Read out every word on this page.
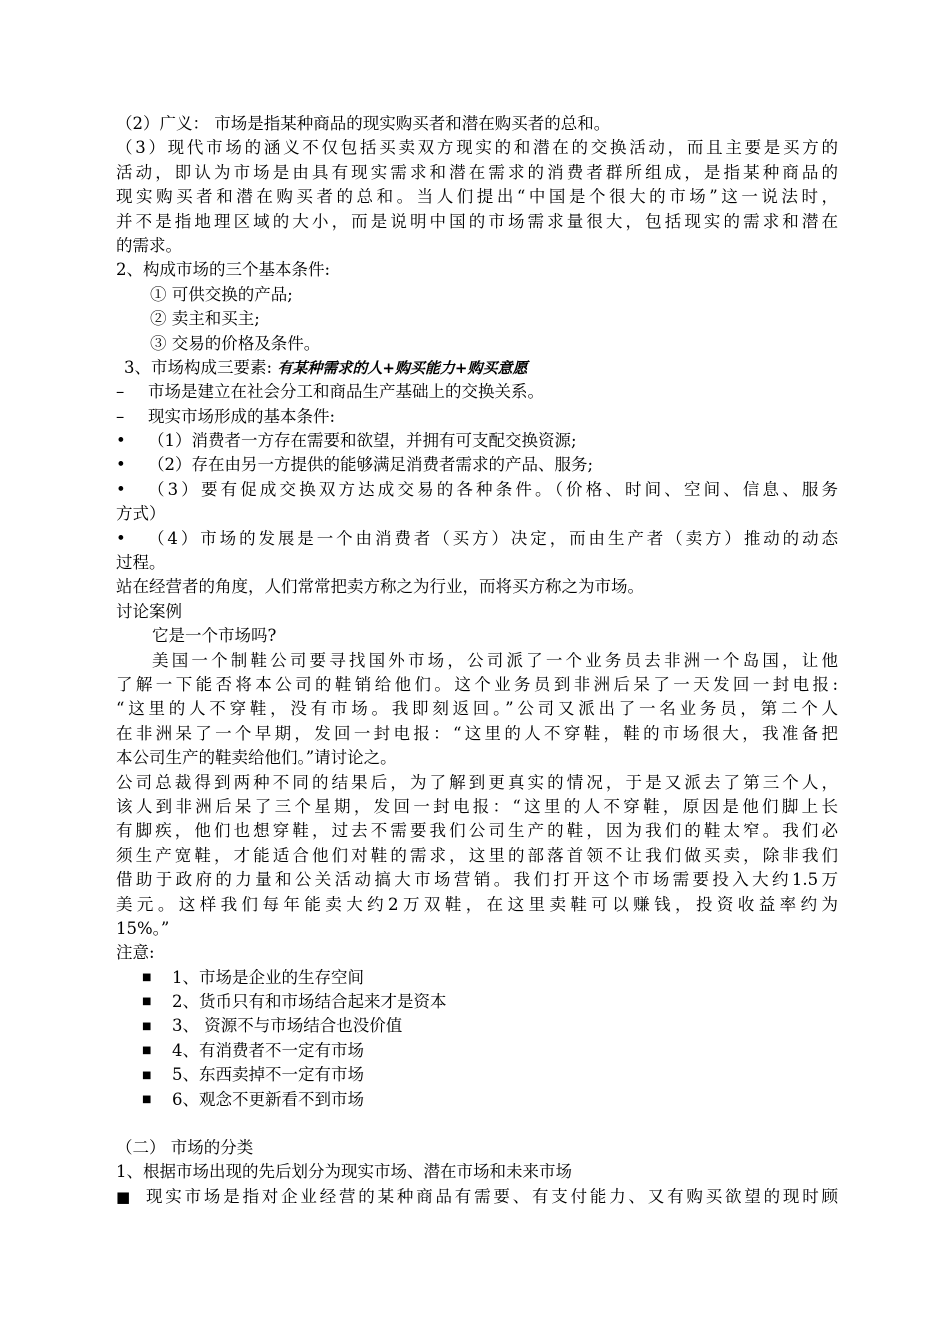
（2）广义： 市场是指某种商品的现实购买者和潜在购买者的总和。
（3）现代市场的涵义不仅包括买卖双方现实的和潜在的交换活动，而且主要是买方的
活动，即认为市场是由具有现实需求和潜在需求的消费者群所组成，是指某种商品的
现实购买者和潜在购买者的总和。当人们提出“中国是个很大的市场”这一说法时，
并不是指地理区域的大小，而是说明中国的市场需求量很大，包括现实的需求和潜在
的需求。
2、构成市场的三个基本条件:
① 可供交换的产品;
② 卖主和买主;
③ 交易的价格及条件。
3、市场构成三要素: 有某种需求的人+购买能力+购买意愿
– 市场是建立在社会分工和商品生产基础上的交换关系。
– 现实市场形成的基本条件:
• （1）消费者一方存在需要和欲望，并拥有可支配交换资源;
• （2）存在由另一方提供的能够满足消费者需求的产品、服务;
•	（3）要有促成交换双方达成交易的各种条件。（价格、时间、空间、信息、服务
方式）
•	（4）市场的发展是一个由消费者（买方）决定，而由生产者（卖方）推动的动态
过程。
站在经营者的角度，人们常常把卖方称之为行业，而将买方称之为市场。
讨论案例
它是一个市场吗?
美国一个制鞋公司要寻找国外市场，公司派了一个业务员去非洲一个岛国，让他
了解一下能否将本公司的鞋销给他们。这个业务员到非洲后呆了一天发回一封电报:
“这里的人不穿鞋，没有市场。我即刻返回。”公司又派出了一名业务员，第二个人
在非洲呆了一个早期，发回一封电报：“这里的人不穿鞋，鞋的市场很大，我准备把
本公司生产的鞋卖给他们。”请讨论之。
公司总裁得到两种不同的结果后，为了解到更真实的情况，于是又派去了第三个人，
该人到非洲后呆了三个星期，发回一封电报：“这里的人不穿鞋，原因是他们脚上长
有脚疾，他们也想穿鞋，过去不需要我们公司生产的鞋，因为我们的鞋太窄。我们必
须生产宽鞋，才能适合他们对鞋的需求，这里的部落首领不让我们做买卖，除非我们
借助于政府的力量和公关活动搞大市场营销。我们打开这个市场需要投入大约1.5万
美元。这样我们每年能卖大约2万双鞋，在这里卖鞋可以赚钱，投资收益率约为
15%。”
注意:
■ 1、市场是企业的生存空间
■ 2、货币只有和市场结合起来才是资本
■ 3、 资源不与市场结合也没价值
■ 4、有消费者不一定有市场
■ 5、东西卖掉不一定有市场
■ 6、观念不更新看不到市场
（二） 市场的分类
1、根据市场出现的先后划分为现实市场、潜在市场和未来市场
■ 现实市场是指对企业经营的某种商品有需要、有支付能力、又有购买欲望的现时顾
